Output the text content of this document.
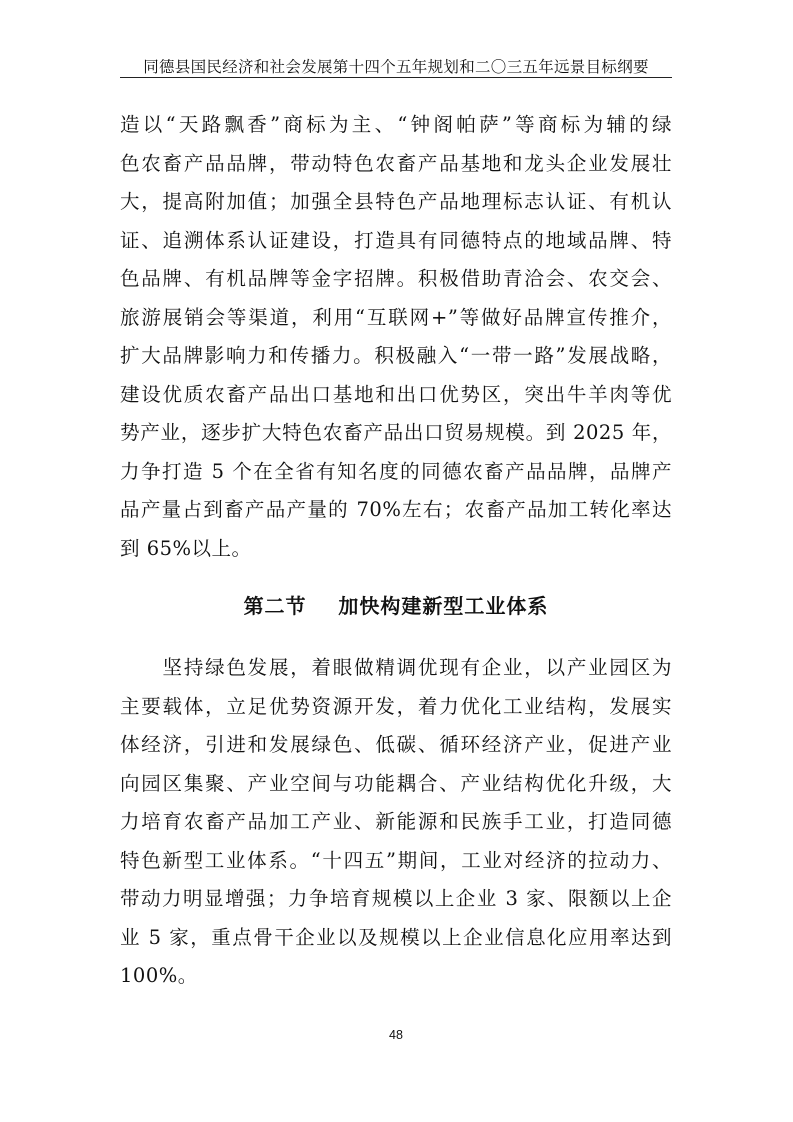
同德县国民经济和社会发展第十四个五年规划和二〇三五年远景目标纲要
造以“天路飘香”商标为主、“钟阁帕萨”等商标为辅的绿
色农畜产品品牌，带动特色农畜产品基地和龙头企业发展壮
大，提高附加值；加强全县特色产品地理标志认证、有机认
证、追溯体系认证建设，打造具有同德特点的地域品牌、特
色品牌、有机品牌等金字招牌。积极借助青洽会、农交会、
旅游展销会等渠道，利用“互联网+”等做好品牌宣传推介，
扩大品牌影响力和传播力。积极融入“一带一路”发展战略，
建设优质农畜产品出口基地和出口优势区，突出牛羊肉等优
势产业，逐步扩大特色农畜产品出口贸易规模。到 2025 年，
力争打造 5 个在全省有知名度的同德农畜产品品牌，品牌产
品产量占到畜产品产量的 70%左右；农畜产品加工转化率达
到 65%以上。
第二节    加快构建新型工业体系
　　坚持绿色发展，着眼做精调优现有企业，以产业园区为
主要载体，立足优势资源开发，着力优化工业结构，发展实
体经济，引进和发展绿色、低碳、循环经济产业，促进产业
向园区集聚、产业空间与功能耦合、产业结构优化升级，大
力培育农畜产品加工产业、新能源和民族手工业，打造同德
特色新型工业体系。“十四五”期间，工业对经济的拉动力、
带动力明显增强；力争培育规模以上企业 3 家、限额以上企
业 5 家，重点骨干企业以及规模以上企业信息化应用率达到
100%。
48
